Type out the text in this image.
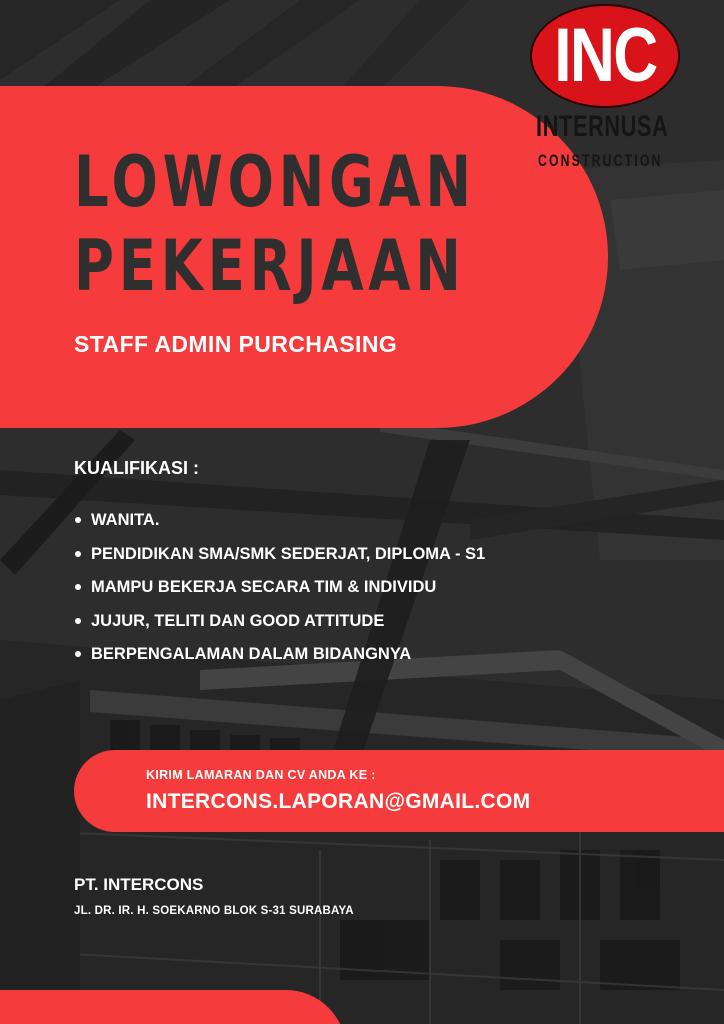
INC
INTERNUSA
CONSTRUCTION
LOWONGAN
PEKERJAAN
STAFF ADMIN PURCHASING
KUALIFIKASI :
WANITA.
PENDIDIKAN SMA/SMK SEDERJAT, DIPLOMA - S1
MAMPU BEKERJA SECARA TIM & INDIVIDU
JUJUR, TELITI DAN GOOD ATTITUDE
BERPENGALAMAN DALAM BIDANGNYA
KIRIM LAMARAN DAN CV ANDA KE :
INTERCONS.LAPORAN@GMAIL.COM
PT. INTERCONS
JL. DR. IR. H. SOEKARNO BLOK S-31 SURABAYA
